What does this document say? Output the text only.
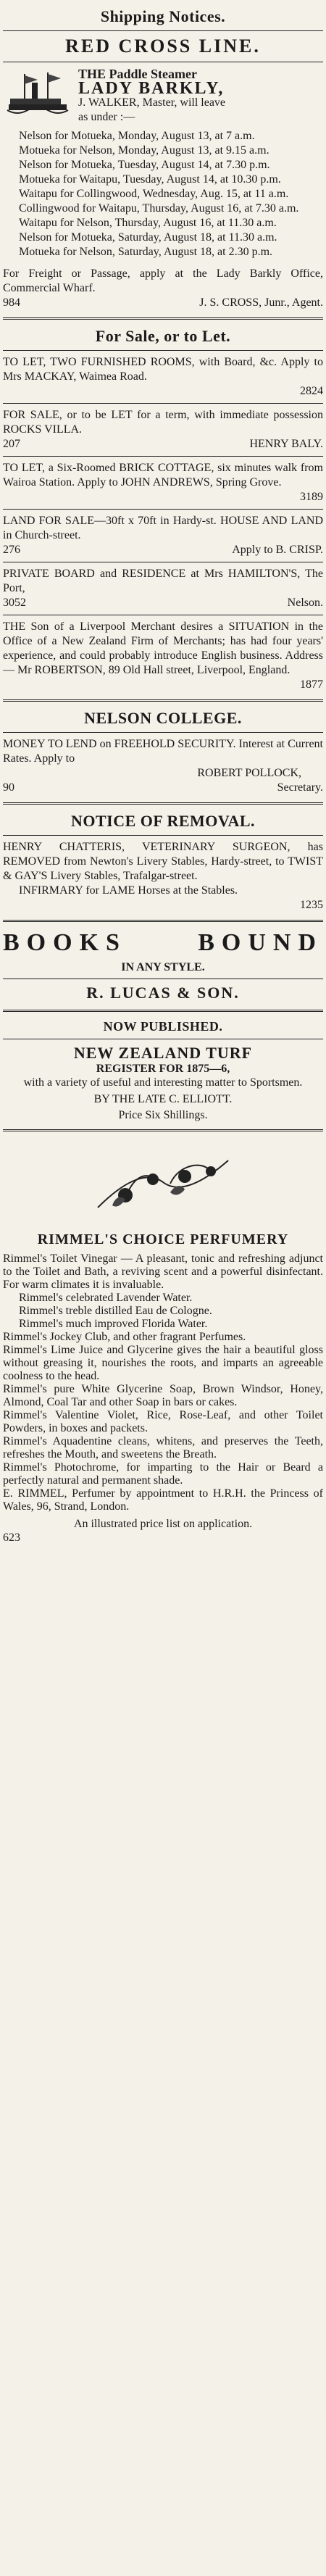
Shipping Notices.
RED CROSS LINE.
THE Paddle Steamer
LADY BARKLY,
J. WALKER, Master, will leave
as under :—
Nelson for Motueka, Monday, August 13, at 7 a.m.
Motueka for Nelson, Monday, August 13, at 9.15 a.m.
Nelson for Motueka, Tuesday, August 14, at 7.30 p.m.
Motueka for Waitapu, Tuesday, August 14, at 10.30 p.m.
Waitapu for Collingwood, Wednesday, Aug. 15, at 11 a.m.
Collingwood for Waitapu, Thursday, August 16, at 7.30 a.m.
Waitapu for Nelson, Thursday, August 16, at 11.30 a.m.
Nelson for Motueka, Saturday, August 18, at 11.30 a.m.
Motueka for Nelson, Saturday, August 18, at 2.30 p.m.
For Freight or Passage, apply at the Lady Barkly Office, Commercial Wharf.
984	J. S. CROSS, Junr., Agent.
For Sale, or to Let.
TO LET, TWO FURNISHED ROOMS, with Board, &c. Apply to Mrs MACKAY, Waimea Road.
2824
FOR SALE, or to be LET for a term, with immediate possession ROCKS VILLA.
207	HENRY BALY.
TO LET, a Six-Roomed BRICK COTTAGE, six minutes walk from Wairoa Station. Apply to JOHN ANDREWS, Spring Grove.
3189
LAND FOR SALE—30ft x 70ft in Hardy-st. HOUSE AND LAND in Church-street.
276	Apply to B. CRISP.
PRIVATE BOARD and RESIDENCE at Mrs HAMILTON'S, The Port,
3052	Nelson.
THE Son of a Liverpool Merchant desires a SITUATION in the Office of a New Zealand Firm of Merchants; has had four years' experience, and could probably introduce English business. Address — Mr ROBERTSON, 89 Old Hall street, Liverpool, England.
1877
NELSON COLLEGE.
MONEY TO LEND on FREEHOLD SECURITY. Interest at Current Rates. Apply to
ROBERT POLLOCK,
90	Secretary.
NOTICE OF REMOVAL.
HENRY CHATTERIS, VETERINARY SURGEON, has REMOVED from Newton's Livery Stables, Hardy-street, to TWIST & GAY'S Livery Stables, Trafalgar-street.
INFIRMARY for LAME Horses at the Stables.
1235
BOOKS	BOUND
IN ANY STYLE.
R. LUCAS & SON.
NOW PUBLISHED.
NEW ZEALAND TURF
REGISTER FOR 1875—6,
with a variety of useful and interesting matter to Sportsmen.
BY THE LATE C. ELLIOTT.
Price Six Shillings.
RIMMEL'S CHOICE PERFUMERY
Rimmel's Toilet Vinegar — A pleasant, tonic and refreshing adjunct to the Toilet and Bath, a reviving scent and a powerful disinfectant. For warm climates it is invaluable.
Rimmel's celebrated Lavender Water.
Rimmel's treble distilled Eau de Cologne.
Rimmel's much improved Florida Water.
Rimmel's Jockey Club, and other fragrant Perfumes.
Rimmel's Lime Juice and Glycerine gives the hair a beautiful gloss without greasing it, nourishes the roots, and imparts an agreeable coolness to the head.
Rimmel's pure White Glycerine Soap, Brown Windsor, Honey, Almond, Coal Tar and other Soap in bars or cakes.
Rimmel's Valentine Violet, Rice, Rose-Leaf, and other Toilet Powders, in boxes and packets.
Rimmel's Aquadentine cleans, whitens, and preserves the Teeth, refreshes the Mouth, and sweetens the Breath.
Rimmel's Photochrome, for imparting to the Hair or Beard a perfectly natural and permanent shade.
E. RIMMEL, Perfumer by appointment to H.R.H. the Princess of Wales, 96, Strand, London.
An illustrated price list on application.
623
